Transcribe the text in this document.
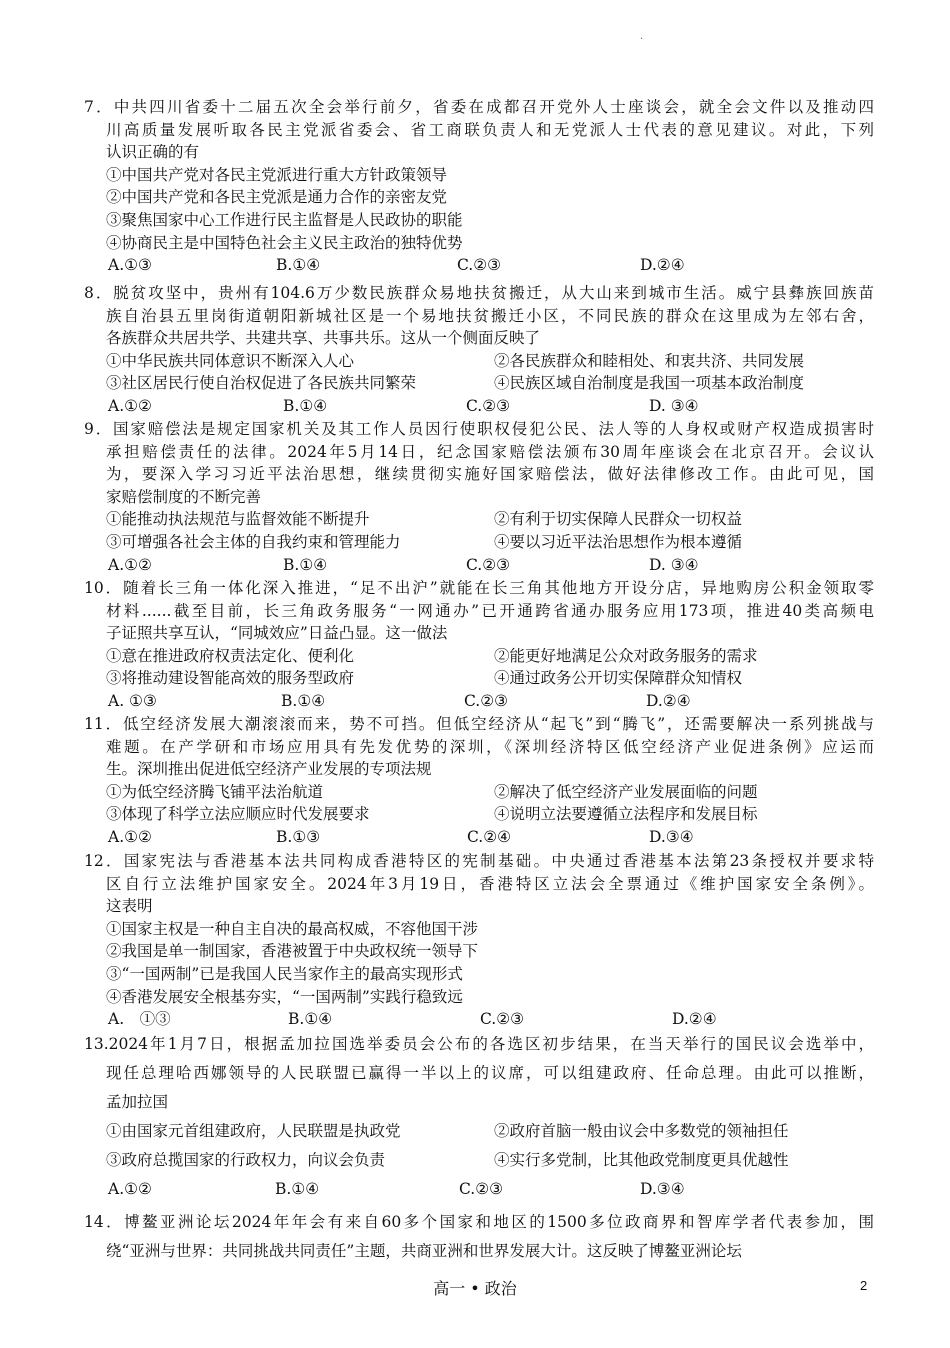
·
7．中共四川省委十二届五次全会举行前夕，省委在成都召开党外人士座谈会，就全会文件以及推动四
川高质量发展听取各民主党派省委会、省工商联负责人和无党派人士代表的意见建议。对此，下列
认识正确的有
①中国共产党对各民主党派进行重大方针政策领导
②中国共产党和各民主党派是通力合作的亲密友党
③聚焦国家中心工作进行民主监督是人民政协的职能
④协商民主是中国特色社会主义民主政治的独特优势
A.①③	B.①④	C.②③	D.②④
8．脱贫攻坚中，贵州有104.6万少数民族群众易地扶贫搬迁，从大山来到城市生活。威宁县彝族回族苗
族自治县五里岗街道朝阳新城社区是一个易地扶贫搬迁小区，不同民族的群众在这里成为左邻右舍，
各族群众共居共学、共建共享、共事共乐。这从一个侧面反映了
①中华民族共同体意识不断深入人心	②各民族群众和睦相处、和衷共济、共同发展
③社区居民行使自治权促进了各民族共同繁荣	④民族区域自治制度是我国一项基本政治制度
A.①②	B.①④	C.②③	D. ③④
9．国家赔偿法是规定国家机关及其工作人员因行使职权侵犯公民、法人等的人身权或财产权造成损害时
承担赔偿责任的法律。2024年5月14日，纪念国家赔偿法颁布30周年座谈会在北京召开。会议认
为，要深入学习习近平法治思想，继续贯彻实施好国家赔偿法，做好法律修改工作。由此可见，国
家赔偿制度的不断完善
①能推动执法规范与监督效能不断提升	②有利于切实保障人民群众一切权益
③可增强各社会主体的自我约束和管理能力	④要以习近平法治思想作为根本遵循
A.①②	B.①④	C.②③	D. ③④
10．随着长三角一体化深入推进，“足不出沪”就能在长三角其他地方开设分店，异地购房公积金领取零
材料......截至目前，长三角政务服务“一网通办”已开通跨省通办服务应用173项，推进40类高频电
子证照共享互认，“同城效应”日益凸显。这一做法
①意在推进政府权责法定化、便利化	②能更好地满足公众对政务服务的需求
③将推动建设智能高效的服务型政府	④通过政务公开切实保障群众知情权
A. ①③	B.①④	C.②③	D.②④
11．低空经济发展大潮滚滚而来，势不可挡。但低空经济从“起飞”到“腾飞”，还需要解决一系列挑战与
难题。在产学研和市场应用具有先发优势的深圳，《深圳经济特区低空经济产业促进条例》应运而
生。深圳推出促进低空经济产业发展的专项法规
①为低空经济腾飞铺平法治航道	②解决了低空经济产业发展面临的问题
③体现了科学立法应顺应时代发展要求	④说明立法要遵循立法程序和发展目标
A.①②	B.①③	C.②④	D.③④
12．国家宪法与香港基本法共同构成香港特区的宪制基础。中央通过香港基本法第23条授权并要求特
区自行立法维护国家安全。2024年3月19日，香港特区立法会全票通过《维护国家安全条例》。
这表明
①国家主权是一种自主自决的最高权威，不容他国干涉
②我国是单一制国家，香港被置于中央政权统一领导下
③“一国两制”已是我国人民当家作主的最高实现形式
④香港发展安全根基夯实，“一国两制”实践行稳致远
A.　①③	B.①④	C.②③	D.②④
13.2024年1月7日，根据孟加拉国选举委员会公布的各选区初步结果，在当天举行的国民议会选举中，
现任总理哈西娜领导的人民联盟已赢得一半以上的议席，可以组建政府、任命总理。由此可以推断，
孟加拉国
①由国家元首组建政府，人民联盟是执政党	②政府首脑一般由议会中多数党的领袖担任
③政府总揽国家的行政权力，向议会负责	④实行多党制，比其他政党制度更具优越性
A.①②	B.①④	C.②③	D.③④
14．博鳌亚洲论坛2024年年会有来自60多个国家和地区的1500多位政商界和智库学者代表参加，围
绕“亚洲与世界：共同挑战共同责任”主题，共商亚洲和世界发展大计。这反映了博鳌亚洲论坛
高一 • 政治	2
